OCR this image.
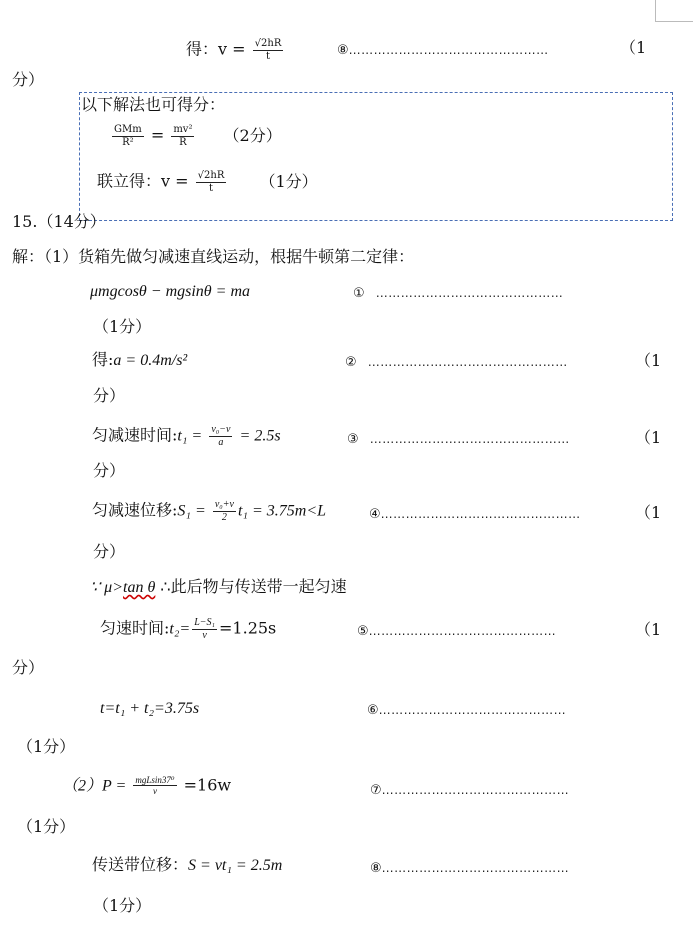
得：$v = \frac{√2hR}{t}$	⑧…………………………………………	（1
分）
以下解法也可得分：
$\frac{\text{GMm}}{\text{R²}} = \frac{\text{mv²}}{R} (2$分）
联立得：$v = \frac{√2hR}{t} (1$分）
15.（14分）
解：（1）货箱先做匀减速直线运动，根据牛顿第二定律：
μmgcosθ − mgsinθ = ma	① ………………………………………
（1分）
得:a = 0.4m/s²	② …………………………………………	（1
分）
匀减速时间:t₁ = $\frac{\text{v₀−v}}{a} = 2.5s$	③ …………………………………………	（1
分）
匀减速位移:S₁ = $\frac{\text{v₀+v}}{2} t_1 = 3.75m<L$	④…………………………………………	（1
分）
∵ μ>tan θ ∴此后物与传送带一起匀速
匀速时间:t₂= $\frac{\text{L−S₁}}{v} =1.25s$	⑤………………………………………	（1
分）
t=t₁ + t₂=3.75s	⑥………………………………………
（1分）
$(2)P = \frac{\text{mgLsin37⁰}}{v} =16w$	⑦………………………………………
（1分）
传送带位移：S = vt₁ = 2.5m	⑧………………………………………
（1分）
